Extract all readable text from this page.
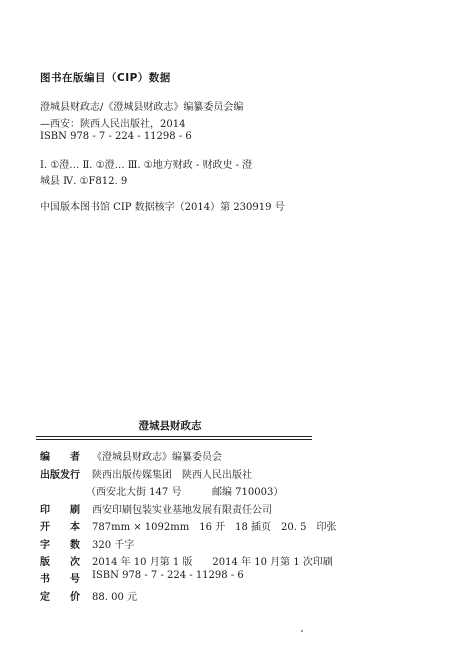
图书在版编目（CIP）数据
澄城县财政志/《澄城县财政志》编纂委员会编
—西安：陕西人民出版社，2014
ISBN 978 - 7 - 224 - 11298 - 6
Ⅰ. ①澄… Ⅱ. ①澄… Ⅲ. ①地方财政 - 财政史 - 澄
城县 Ⅳ. ①F812. 9
中国版本图书馆 CIP 数据核字（2014）第 230919 号
澄城县财政志
编 者 《澄城县财政志》编纂委员会
出 版 发 行 陕西出版传媒集团　陕西人民出版社
（西安北大街 147 号	邮编 710003）
印 刷 西安印刷包装实业基地发展有限责任公司
开 本 787mm × 1092mm　16 开　18 插页　20. 5　印张
字 数 320 千字
版 次 2014 年 10 月第 1 版　　2014 年 10 月第 1 次印刷
书 号 ISBN 978 - 7 - 224 - 11298 - 6
定 价 88. 00 元
